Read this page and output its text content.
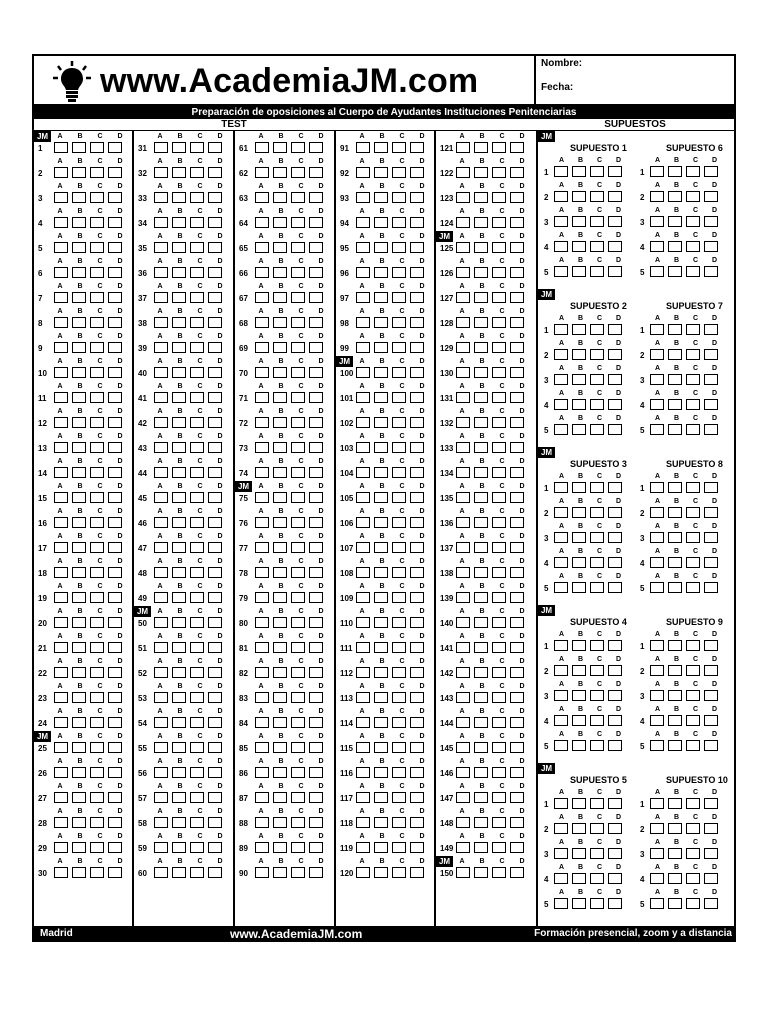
www.AcademiaJM.com	Nombre:
Fecha:
Preparación de oposiciones al Cuerpo de Ayudantes Instituciones Penitenciarias
TEST	SUPUESTOS
JM	A B C D
1
A B C D
2
A B C D
3
A B C D
4
A B C D
5
A B C D
6
A B C D
7
A B C D
8
A B C D
9
A B C D
10
A B C D
11
A B C D
12
A B C D
13
A B C D
14
A B C D
15
A B C D
16
A B C D
17
A B C D
18
A B C D
19
A B C D
20
A B C D
21
A B C D
22
A B C D
23
A B C D
24
JM	A B C D
25
A B C D
26
A B C D
27
A B C D
28
A B C D
29
A B C D
30
A B C D
31
A B C D
32
A B C D
33
A B C D
34
A B C D
35
A B C D
36
A B C D
37
A B C D
38
A B C D
39
A B C D
40
A B C D
41
A B C D
42
A B C D
43
A B C D
44
A B C D
45
A B C D
46
A B C D
47
A B C D
48
A B C D
49
JM	A B C D
50
A B C D
51
A B C D
52
A B C D
53
A B C D
54
A B C D
55
A B C D
56
A B C D
57
A B C D
58
A B C D
59
A B C D
60
A B C D
61
A B C D
62
A B C D
63
A B C D
64
A B C D
65
A B C D
66
A B C D
67
A B C D
68
A B C D
69
A B C D
70
A B C D
71
A B C D
72
A B C D
73
A B C D
74
JM	A B C D
75
A B C D
76
A B C D
77
A B C D
78
A B C D
79
A B C D
80
A B C D
81
A B C D
82
A B C D
83
A B C D
84
A B C D
85
A B C D
86
A B C D
87
A B C D
88
A B C D
89
A B C D
90
A B C D
91
A B C D
92
A B C D
93
A B C D
94
A B C D
95
A B C D
96
A B C D
97
A B C D
98
A B C D
99
JM	A B C D
100
A B C D
101
A B C D
102
A B C D
103
A B C D
104
A B C D
105
A B C D
106
A B C D
107
A B C D
108
A B C D
109
A B C D
110
A B C D
111
A B C D
112
A B C D
113
A B C D
114
A B C D
115
A B C D
116
A B C D
117
A B C D
118
A B C D
119
A B C D
120
A B C D
121
A B C D
122
A B C D
123
A B C D
124
JM	A B C D
125
A B C D
126
A B C D
127
A B C D
128
A B C D
129
A B C D
130
A B C D
131
A B C D
132
A B C D
133
A B C D
134
A B C D
135
A B C D
136
A B C D
137
A B C D
138
A B C D
139
A B C D
140
A B C D
141
A B C D
142
A B C D
143
A B C D
144
A B C D
145
A B C D
146
A B C D
147
A B C D
148
A B C D
149
JM	A B C D
150
JM
SUPUESTO 1	SUPUESTO 6
A B C D
1
A B C D
1
A B C D
2
A B C D
2
A B C D
3
A B C D
3
A B C D
4
A B C D
4
A B C D
5
A B C D
5
JM
SUPUESTO 2	SUPUESTO 7
A B C D
1
A B C D
1
A B C D
2
A B C D
2
A B C D
3
A B C D
3
A B C D
4
A B C D
4
A B C D
5
A B C D
5
JM
SUPUESTO 3	SUPUESTO 8
A B C D
1
A B C D
1
A B C D
2
A B C D
2
A B C D
3
A B C D
3
A B C D
4
A B C D
4
A B C D
5
A B C D
5
JM
SUPUESTO 4	SUPUESTO 9
A B C D
1
A B C D
1
A B C D
2
A B C D
2
A B C D
3
A B C D
3
A B C D
4
A B C D
4
A B C D
5
A B C D
5
JM
SUPUESTO 5	SUPUESTO 10
A B C D
1
A B C D
1
A B C D
2
A B C D
2
A B C D
3
A B C D
3
A B C D
4
A B C D
4
A B C D
5
A B C D
5
Madrid	www.AcademiaJM.com	Formación presencial, zoom y a distancia
